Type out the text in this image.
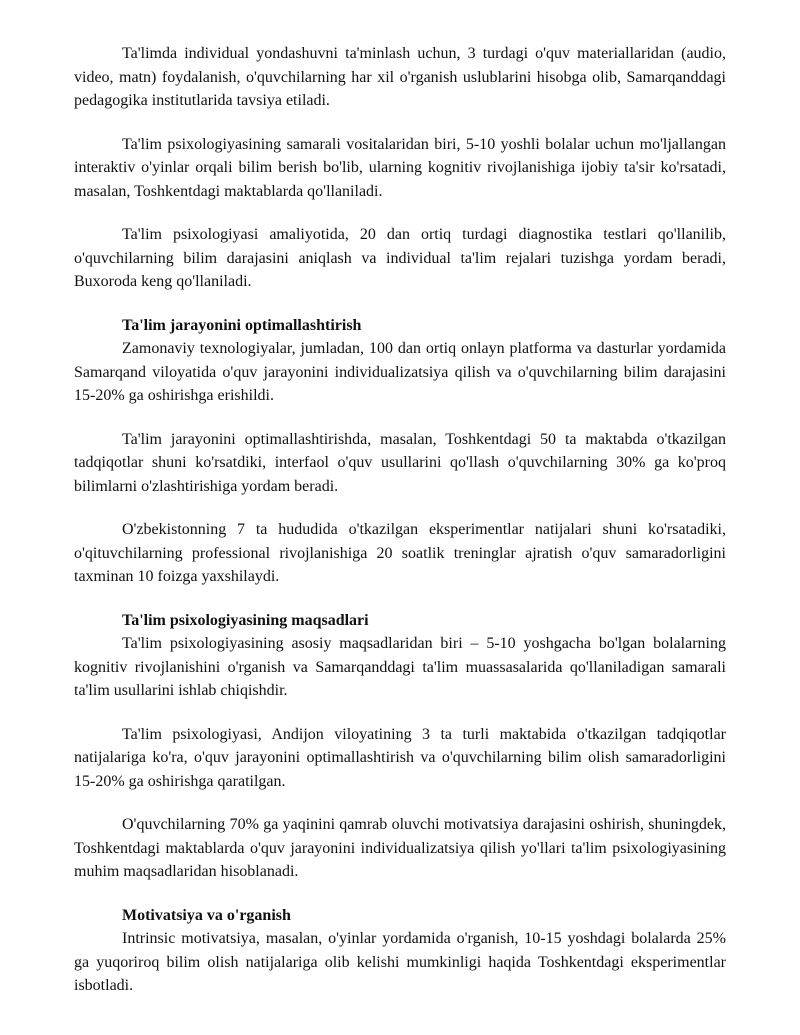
Ta'limda individual yondashuvni ta'minlash uchun, 3 turdagi o'quv materiallaridan (audio, video, matn) foydalanish, o'quvchilarning har xil o'rganish uslublarini hisobga olib, Samarqanddagi pedagogika institutlarida tavsiya etiladi.

Ta'lim psixologiyasining samarali vositalaridan biri, 5-10 yoshli bolalar uchun mo'ljallangan interaktiv o'yinlar orqali bilim berish bo'lib, ularning kognitiv rivojlanishiga ijobiy ta'sir ko'rsatadi, masalan, Toshkentdagi maktablarda qo'llaniladi.

Ta'lim psixologiyasi amaliyotida, 20 dan ortiq turdagi diagnostika testlari qo'llanilib, o'quvchilarning bilim darajasini aniqlash va individual ta'lim rejalari tuzishga yordam beradi, Buxoroda keng qo'llaniladi.

Ta'lim jarayonini optimallashtirish

Zamonaviy texnologiyalar, jumladan, 100 dan ortiq onlayn platforma va dasturlar yordamida Samarqand viloyatida o'quv jarayonini individualizatsiya qilish va o'quvchilarning bilim darajasini 15-20% ga oshirishga erishildi.

Ta'lim jarayonini optimallashtirishda, masalan, Toshkentdagi 50 ta maktabda o'tkazilgan tadqiqotlar shuni ko'rsatdiki, interfaol o'quv usullarini qo'llash o'quvchilarning 30% ga ko'proq bilimlarni o'zlashtirishiga yordam beradi.

O'zbekistonning 7 ta hududida o'tkazilgan eksperimentlar natijalari shuni ko'rsatadiki, o'qituvchilarning professional rivojlanishiga 20 soatlik treninglar ajratish o'quv samaradorligini taxminan 10 foizga yaxshilaydi.

Ta'lim psixologiyasining maqsadlari

Ta'lim psixologiyasining asosiy maqsadlaridan biri – 5-10 yoshgacha bo'lgan bolalarning kognitiv rivojlanishini o'rganish va Samarqanddagi ta'lim muassasalarida qo'llaniladigan samarali ta'lim usullarini ishlab chiqishdir.

Ta'lim psixologiyasi, Andijon viloyatining 3 ta turli maktabida o'tkazilgan tadqiqotlar natijalariga ko'ra, o'quv jarayonini optimallashtirish va o'quvchilarning bilim olish samaradorligini 15-20% ga oshirishga qaratilgan.

O'quvchilarning 70% ga yaqinini qamrab oluvchi motivatsiya darajasini oshirish, shuningdek, Toshkentdagi maktablarda o'quv jarayonini individualizatsiya qilish yo'llari ta'lim psixologiyasining muhim maqsadlaridan hisoblanadi.

Motivatsiya va o'rganish

Intrinsic motivatsiya, masalan, o'yinlar yordamida o'rganish, 10-15 yoshdagi bolalarda 25% ga yuqoriroq bilim olish natijalariga olib kelishi mumkinligi haqida Toshkentdagi eksperimentlar isbotladi.
